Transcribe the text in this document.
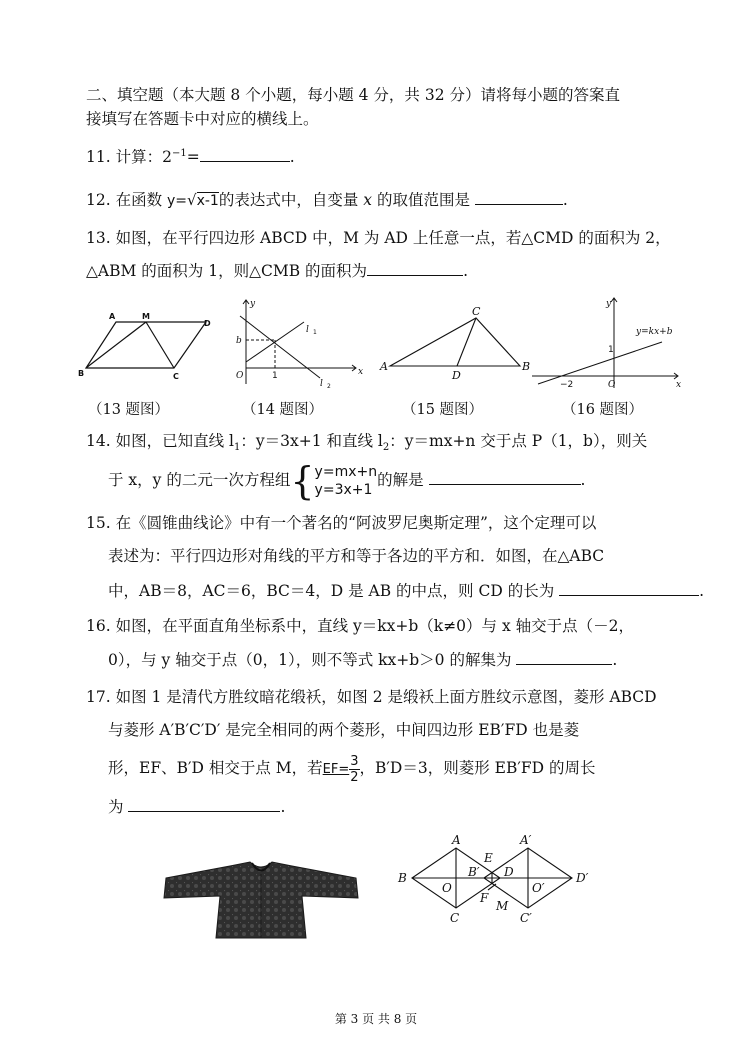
二、填空题（本大题 8 个小题，每小题 4 分，共 32 分）请将每小题的答案直
接填写在答题卡中对应的横线上。
11. 计算：$2^{-1}=$	.
12. 在函数 y=√x-1的表达式中，自变量 x 的取值范围是	.
13. 如图，在平行四边形 ABCD 中，M 为 AD 上任意一点，若△CMD 的面积为 2，
△ABM 的面积为 1，则△CMB 的面积为	.
A	M
D
B	C
y
x
O
b
1
l 1
l 2
C
A
D
B
y
x
O
1
−2
y=kx+b
（13 题图）	（14 题图）	（15 题图）	（16 题图）
14. 如图，已知直线 $l_1$：y＝3x+1 和直线 $l_2$：y＝mx+n 交于点 P（1，b），则关
于 x，y 的二元一次方程组{y=mx+n
y=3x+1的解是	.
15. 在《圆锥曲线论》中有一个著名的“阿波罗尼奥斯定理”，这个定理可以
表述为：平行四边形对角线的平方和等于各边的平方和．如图，在△ABC
中，AB＝8，AC＝6，BC＝4，D 是 AB 的中点，则 CD 的长为	.
16. 如图，在平面直角坐标系中，直线 y＝kx+b（k≠0）与 x 轴交于点（－2，
0），与 y 轴交于点（0，1），则不等式 kx+b＞0 的解集为	.
17. 如图 1 是清代方胜纹暗花缎袄，如图 2 是缎袄上面方胜纹示意图，菱形 ABCD
与菱形 A′B′C′D′ 是完全相同的两个菱形，中间四边形 EB′FD 也是菱
形，EF、B′D 相交于点 M，若$EF= \frac{3}{2}$ ，B′D＝3，则菱形 EB′FD 的周长
为	.
A	A′
B	B′
E
D
O	O′
D′
F
M
C	C′
第 3 页 共 8 页
